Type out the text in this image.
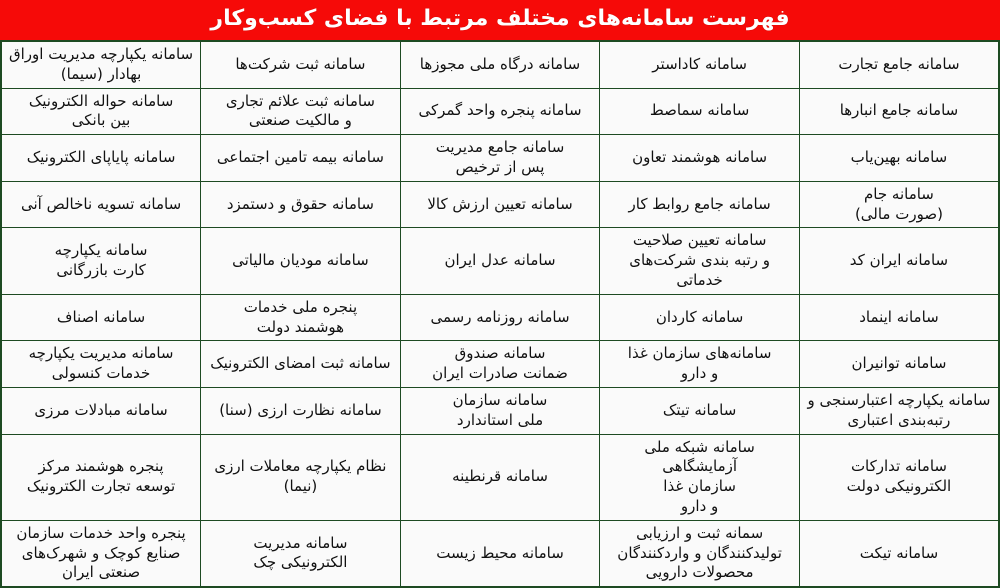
فهرست سامانه‌های مختلف مرتبط با فضای کسب‌وکار
سامانه جامع تجارت	سامانه کاداستر	سامانه درگاه ملی مجوزها	سامانه ثبت شرکت‌ها	سامانه یکپارچه مدیریت اوراق
بهادار (سیما)

سامانه جامع انبارها	سامانه سماصط	سامانه پنجره واحد گمرکی	سامانه ثبت علائم تجاری
و مالکیت صنعتی	سامانه حواله الکترونیک
بین بانکی

سامانه بهین‌یاب	سامانه هوشمند تعاون	سامانه جامع مدیریت
پس از ترخیص	سامانه بیمه تامین اجتماعی	سامانه پایاپای الکترونیک

سامانه جام
(صورت مالی)	سامانه جامع روابط کار	سامانه تعیین ارزش کالا	سامانه حقوق و دستمزد	سامانه تسویه ناخالص آنی

سامانه ایران کد	سامانه تعیین صلاحیت
و رتبه بندی شرکت‌های
خدماتی	سامانه عدل ایران	سامانه مودیان مالیاتی	سامانه یکپارچه
کارت بازرگانی

سامانه اینماد	سامانه کاردان	سامانه روزنامه رسمی	پنجره ملی خدمات
هوشمند دولت	سامانه اصناف

سامانه توانیران	سامانه‌های سازمان غذا
و دارو	سامانه صندوق
ضمانت صادرات ایران	سامانه ثبت امضای الکترونیک	سامانه مدیریت یکپارچه
خدمات کنسولی

سامانه یکپارچه اعتبارسنجی و
رتبه‌بندی اعتباری	سامانه تیتک	سامانه سازمان
ملی استاندارد	سامانه نظارت ارزی (سنا)	سامانه مبادلات مرزی

سامانه تدارکات
الکترونیکی دولت	سامانه شبکه ملی آزمایشگاهی
سازمان غذا
و دارو	سامانه قرنطینه	نظام یکپارچه معاملات ارزی
(نیما)	پنجره هوشمند مرکز
توسعه تجارت الکترونیک

سامانه تیکت	سمانه ثبت و ارزیابی
تولیدکنندگان و واردکنندگان
محصولات دارویی	سامانه محیط زیست	سامانه مدیریت
الکترونیکی چک	پنجره واحد خدمات سازمان
صنایع کوچک و شهرک‌های
صنعتی ایران
